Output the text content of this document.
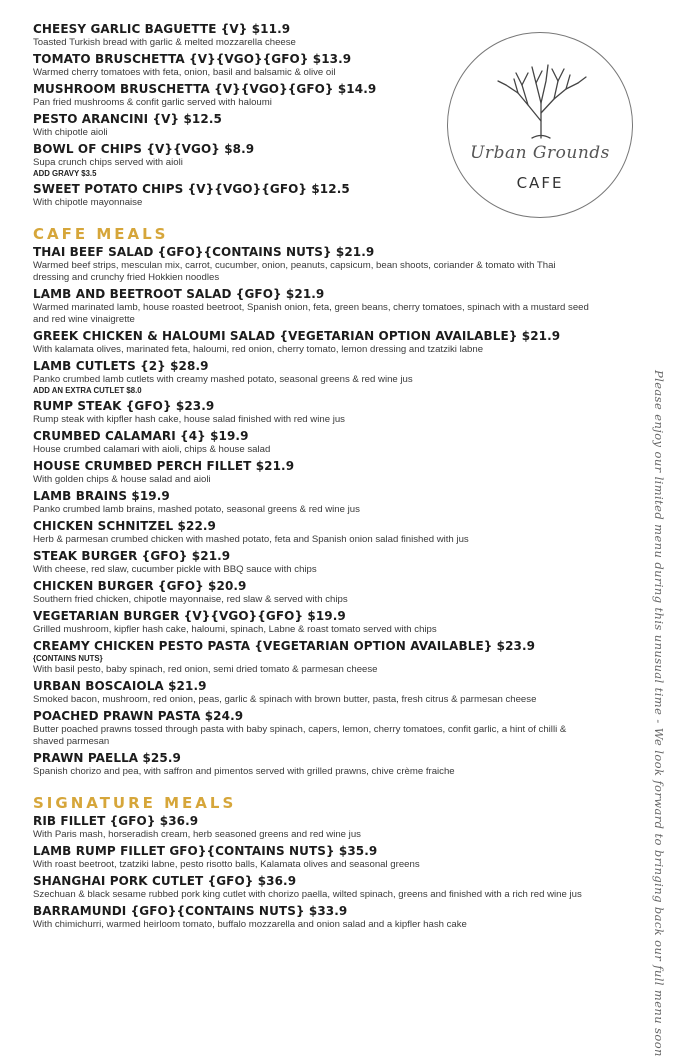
CHEESY GARLIC BAGUETTE {V} $11.9
Toasted Turkish bread with garlic & melted mozzarella cheese
TOMATO BRUSCHETTA {V}{VGO}{GFO} $13.9
Warmed cherry tomatoes with feta, onion, basil and balsamic & olive oil
MUSHROOM BRUSCHETTA {V}{VGO}{GFO} $14.9
Pan fried mushrooms & confit garlic served with haloumi
PESTO ARANCINI {V} $12.5
With chipotle aioli
BOWL OF CHIPS {V}{VGO} $8.9
Supa crunch chips served with aioli
ADD GRAVY $3.5
SWEET POTATO CHIPS {V}{VGO}{GFO} $12.5
With chipotle mayonnaise
CAFE MEALS
THAI BEEF SALAD {GFO}{CONTAINS NUTS} $21.9
Warmed beef strips, mesculan mix, carrot, cucumber, onion, peanuts, capsicum, bean shoots, coriander & tomato with Thai dressing and crunchy fried Hokkien noodles
LAMB AND BEETROOT SALAD {GFO} $21.9
Warmed marinated lamb, house roasted beetroot, Spanish onion, feta, green beans, cherry tomatoes, spinach with a mustard seed and red wine vinaigrette
GREEK CHICKEN & HALOUMI SALAD {VEGETARIAN OPTION AVAILABLE} $21.9
With kalamata olives, marinated feta, haloumi, red onion, cherry tomato, lemon dressing and tzatziki labne
LAMB CUTLETS {2} $28.9
Panko crumbed lamb cutlets with creamy mashed potato, seasonal greens & red wine jus
ADD AN EXTRA CUTLET $8.0
RUMP STEAK {GFO} $23.9
Rump steak with kipfler hash cake, house salad finished with red wine jus
CRUMBED CALAMARI {4} $19.9
House crumbed calamari with aioli, chips & house salad
HOUSE CRUMBED PERCH FILLET $21.9
With golden chips & house salad and aioli
LAMB BRAINS $19.9
Panko crumbed lamb brains, mashed potato, seasonal greens & red wine jus
CHICKEN SCHNITZEL $22.9
Herb & parmesan crumbed chicken with mashed potato, feta and Spanish onion salad finished with jus
STEAK BURGER {GFO} $21.9
With cheese, red slaw, cucumber pickle with BBQ sauce with chips
CHICKEN BURGER {GFO} $20.9
Southern fried chicken, chipotle mayonnaise, red slaw & served with chips
VEGETARIAN BURGER {V}{VGO}{GFO} $19.9
Grilled mushroom, kipfler hash cake, haloumi, spinach, Labne & roast tomato served with chips
CREAMY CHICKEN PESTO PASTA {VEGETARIAN OPTION AVAILABLE} $23.9
{CONTAINS NUTS}
With basil pesto, baby spinach, red onion, semi dried tomato & parmesan cheese
URBAN BOSCAIOLA $21.9
Smoked bacon, mushroom, red onion, peas, garlic & spinach with brown butter, pasta, fresh citrus & parmesan cheese
POACHED PRAWN PASTA $24.9
Butter poached prawns tossed through pasta with baby spinach, capers, lemon, cherry tomatoes, confit garlic, a hint of chilli & shaved parmesan
PRAWN PAELLA $25.9
Spanish chorizo and pea, with saffron and pimentos served with grilled prawns, chive crème fraiche
SIGNATURE MEALS
RIB FILLET {GFO} $36.9
With Paris mash, horseradish cream, herb seasoned greens and red wine jus
LAMB RUMP FILLET GFO}{CONTAINS NUTS} $35.9
With roast beetroot, tzatziki labne, pesto risotto balls, Kalamata olives and seasonal greens
SHANGHAI PORK CUTLET {GFO} $36.9
Szechuan & black sesame rubbed pork king cutlet with chorizo paella, wilted spinach, greens and finished with a rich red wine jus
BARRAMUNDI {GFO}{CONTAINS NUTS} $33.9
With chimichurri, warmed heirloom tomato, buffalo mozzarella and onion salad and a kipfler hash cake
Urban Grounds
CAFE
Please enjoy our limited menu during this unusual time - We look forward to bringing back our full menu soon
